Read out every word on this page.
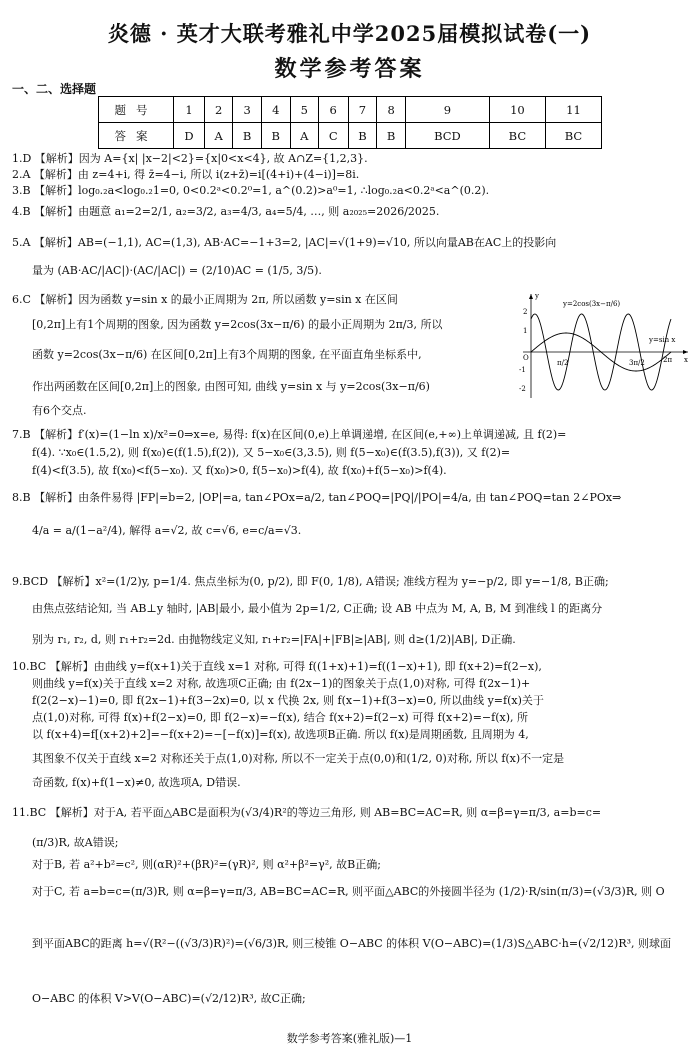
炎德 · 英才大联考雅礼中学2025届模拟试卷(一)
数学参考答案
一、二、选择题
题号	1	2	3	4	5	6	7	8	9	10	11
答案	D	A	B	B	A	C	B	B	BCD	BC	BC
1.D 【解析】因为 A={x| |x−2|<2}={x|0<x<4}, 故 A∩Z={1,2,3}.
2.A 【解析】由 z=4+i, 得 z̄=4−i, 所以 i(z+z̄)=i[(4+i)+(4−i)]=8i.
3.B 【解析】log₀.₂a<log₀.₂1=0, 0<0.2ᵃ<0.2⁰=1, a^(0.2)>a⁰=1, ∴log₀.₂a<0.2ᵃ<a^(0.2).
4.B 【解析】由题意 a₁=2=2/1, a₂=3/2, a₃=4/3, a₄=5/4, …, 则 a₂₀₂₅=2026/2025.
5.A 【解析】AB=(−1,1), AC=(1,3), AB·AC=−1+3=2, |AC|=√(1+9)=√10, 所以向量AB在AC上的投影向
量为 (AB·AC/|AC|)·(AC/|AC|) = (2/10)AC = (1/5, 3/5).
6.C 【解析】因为函数 y=sin x 的最小正周期为 2π, 所以函数 y=sin x 在区间
[0,2π]上有1个周期的图象, 因为函数 y=2cos(3x−π/6) 的最小正周期为 2π/3, 所以
函数 y=2cos(3x−π/6) 在区间[0,2π]上有3个周期的图象, 在平面直角坐标系中,
作出两函数在区间[0,2π]上的图象, 由图可知, 曲线 y=sin x 与 y=2cos(3x−π/6)
有6个交点.
y
x
O
2
1
-1
-2
π/2	3π/2	2π
y=2cos(3x−π/6)
y=sin x
7.B 【解析】f′(x)=(1−ln x)/x²=0⇒x=e, 易得: f(x)在区间(0,e)上单调递增, 在区间(e,+∞)上单调递减, 且 f(2)=
f(4). ∵x₀∈(1.5,2), 则 f(x₀)∈(f(1.5),f(2)), 又 5−x₀∈(3,3.5), 则 f(5−x₀)∈(f(3.5),f(3)), 又 f(2)=
f(4)<f(3.5), 故 f(x₀)<f(5−x₀). 又 f(x₀)>0, f(5−x₀)>f(4), 故 f(x₀)+f(5−x₀)>f(4).
8.B 【解析】由条件易得 |FP|=b=2, |OP|=a, tan∠POx=a/2, tan∠POQ=|PQ|/|PO|=4/a, 由 tan∠POQ=tan 2∠POx⇒
4/a = a/(1−a²/4), 解得 a=√2, 故 c=√6, e=c/a=√3.
9.BCD 【解析】x²=(1/2)y, p=1/4. 焦点坐标为(0, p/2), 即 F(0, 1/8), A错误; 准线方程为 y=−p/2, 即 y=−1/8, B正确;
由焦点弦结论知, 当 AB⊥y 轴时, |AB|最小, 最小值为 2p=1/2, C正确; 设 AB 中点为 M, A, B, M 到准线 l 的距离分
别为 r₁, r₂, d, 则 r₁+r₂=2d. 由抛物线定义知, r₁+r₂=|FA|+|FB|≥|AB|, 则 d≥(1/2)|AB|, D正确.
10.BC 【解析】由曲线 y=f(x+1)关于直线 x=1 对称, 可得 f((1+x)+1)=f((1−x)+1), 即 f(x+2)=f(2−x),
则曲线 y=f(x)关于直线 x=2 对称, 故选项C正确; 由 f(2x−1)的图象关于点(1,0)对称, 可得 f(2x−1)+
f(2(2−x)−1)=0, 即 f(2x−1)+f(3−2x)=0, 以 x 代换 2x, 则 f(x−1)+f(3−x)=0, 所以曲线 y=f(x)关于
点(1,0)对称, 可得 f(x)+f(2−x)=0, 即 f(2−x)=−f(x), 结合 f(x+2)=f(2−x) 可得 f(x+2)=−f(x), 所
以 f(x+4)=f[(x+2)+2]=−f(x+2)=−[−f(x)]=f(x), 故选项B正确. 所以 f(x)是周期函数, 且周期为 4,
其图象不仅关于直线 x=2 对称还关于点(1,0)对称, 所以不一定关于点(0,0)和(1/2, 0)对称, 所以 f(x)不一定是
奇函数, f(x)+f(1−x)≠0, 故选项A, D错误.
11.BC 【解析】对于A, 若平面△ABC是面积为(√3/4)R²的等边三角形, 则 AB=BC=AC=R, 则 α=β=γ=π/3, a=b=c=
(π/3)R, 故A错误;
对于B, 若 a²+b²=c², 则(αR)²+(βR)²=(γR)², 则 α²+β²=γ², 故B正确;
对于C, 若 a=b=c=(π/3)R, 则 α=β=γ=π/3, AB=BC=AC=R, 则平面△ABC的外接圆半径为 (1/2)·R/sin(π/3)=(√3/3)R, 则 O
到平面ABC的距离 h=√(R²−((√3/3)R)²)=(√6/3)R, 则三棱锥 O−ABC 的体积 V(O−ABC)=(1/3)S△ABC·h=(√2/12)R³, 则球面
O−ABC 的体积 V>V(O−ABC)=(√2/12)R³, 故C正确;
数学参考答案(雅礼版)—1
